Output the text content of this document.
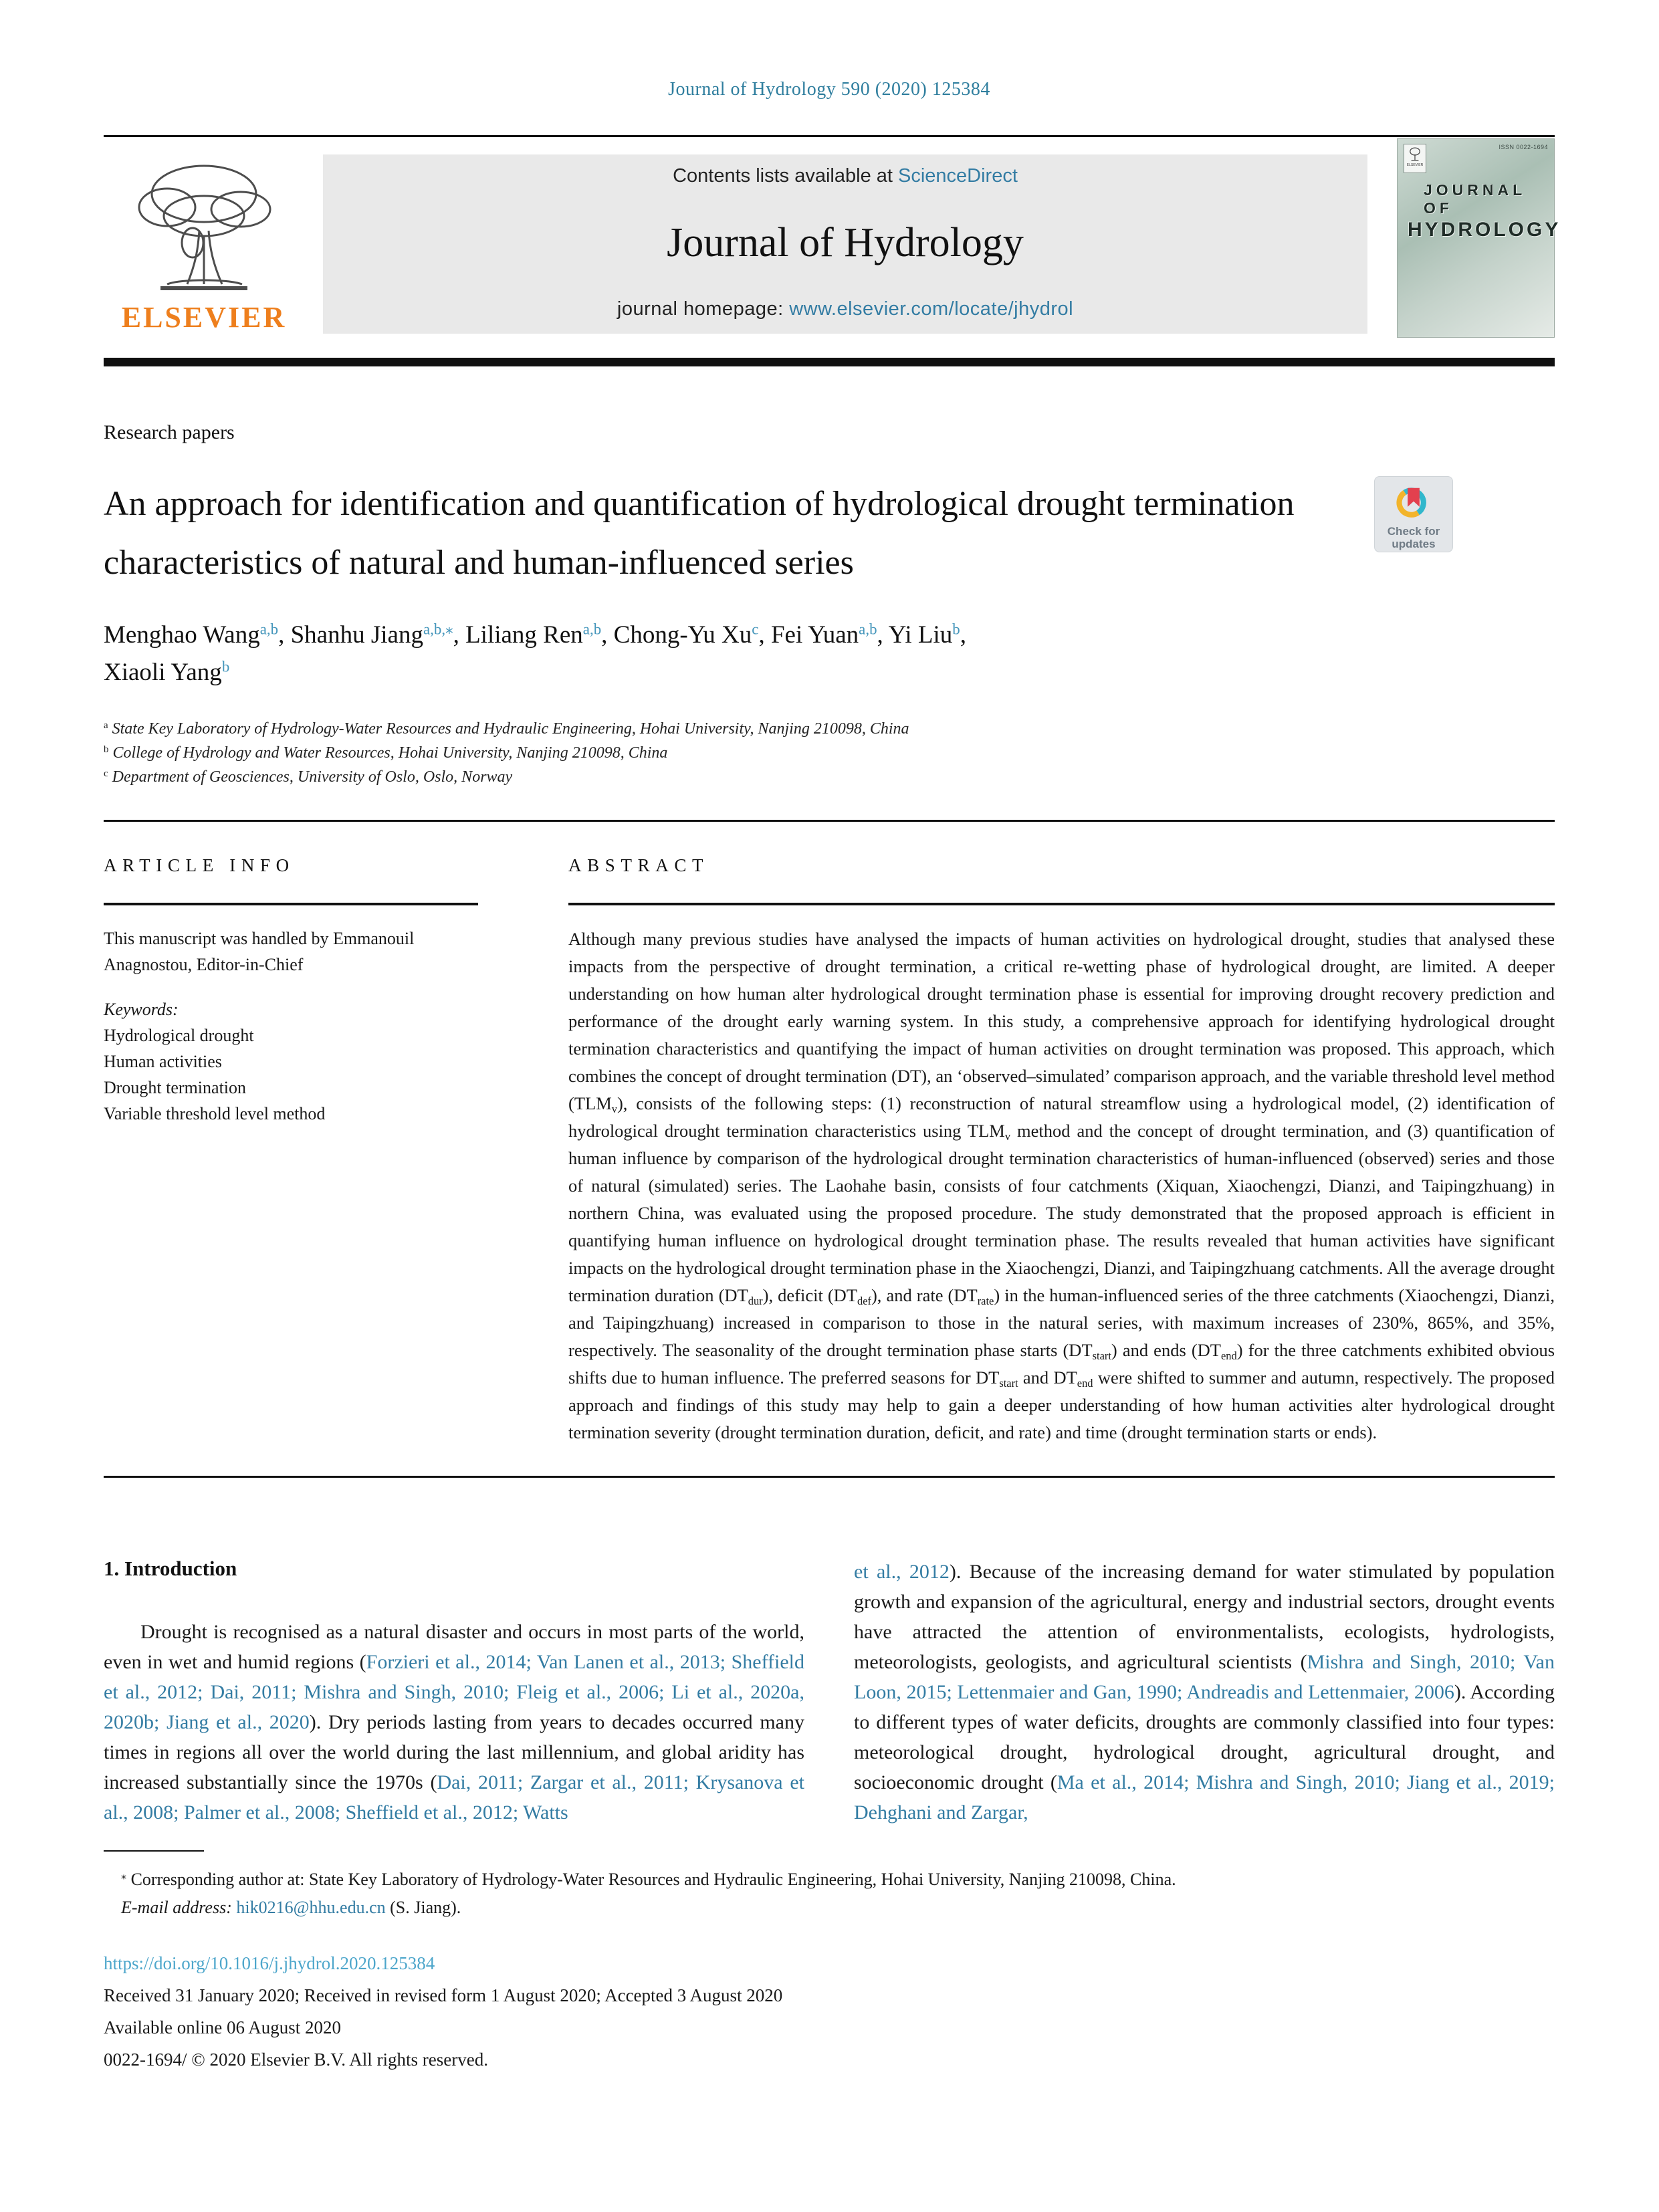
Journal of Hydrology 590 (2020) 125384
ELSEVIER
Contents lists available at ScienceDirect
Journal of Hydrology
journal homepage: www.elsevier.com/locate/jhydrol
ELSEVIER
ISSN 0022-1694
JOURNAL OF
HYDROLOGY
Research papers
An approach for identification and quantification of hydrological drought termination characteristics of natural and human-influenced series
Check for updates
Menghao Wang$^{a,b}$, Shanhu Jiang$^{a,b,⁎}$, Liliang Ren$^{a,b}$, Chong-Yu Xu$^c$, Fei Yuan$^{a,b}$, Yi Liu$^b$,
Xiaoli Yang$^b$
$^a$ State Key Laboratory of Hydrology-Water Resources and Hydraulic Engineering, Hohai University, Nanjing 210098, China
$^b$ College of Hydrology and Water Resources, Hohai University, Nanjing 210098, China
$^c$ Department of Geosciences, University of Oslo, Oslo, Norway
ARTICLE INFO
This manuscript was handled by Emmanouil Anagnostou, Editor-in-Chief
Keywords:
Hydrological drought
Human activities
Drought termination
Variable threshold level method
ABSTRACT
Although many previous studies have analysed the impacts of human activities on hydrological drought, studies that analysed these impacts from the perspective of drought termination, a critical re-wetting phase of hydrological drought, are limited. A deeper understanding on how human alter hydrological drought termination phase is essential for improving drought recovery prediction and performance of the drought early warning system. In this study, a comprehensive approach for identifying hydrological drought termination characteristics and quantifying the impact of human activities on drought termination was proposed. This approach, which combines the concept of drought termination (DT), an ‘observed–simulated’ comparison approach, and the variable threshold level method $(TLM_v)$, consists of the following steps: (1) reconstruction of natural streamflow using a hydrological model, (2) identification of hydrological drought termination characteristics using $TLM_v$ method and the concept of drought termination, and (3) quantification of human influence by comparison of the hydrological drought termination characteristics of human-influenced (observed) series and those of natural (simulated) series. The Laohahe basin, consists of four catchments (Xiquan, Xiaochengzi, Dianzi, and Taipingzhuang) in northern China, was evaluated using the proposed procedure. The study demonstrated that the proposed approach is efficient in quantifying human influence on hydrological drought termination phase. The results revealed that human activities have significant impacts on the hydrological drought termination phase in the Xiaochengzi, Dianzi, and Taipingzhuang catchments. All the average drought termination duration $(DT_{dur})$, deficit $(DT_{def})$, and rate $(DT_{rate})$ in the human-influenced series of the three catchments (Xiaochengzi, Dianzi, and Taipingzhuang) increased in comparison to those in the natural series, with maximum increases of 230%, 865%, and 35%, respectively. The seasonality of the drought termination phase starts $(DT_{start})$ and ends $(DT_{end})$ for the three catchments exhibited obvious shifts due to human influence. The preferred seasons for $DT_{start}$ and $DT_{end}$ were shifted to summer and autumn, respectively. The proposed approach and findings of this study may help to gain a deeper understanding of how human activities alter hydrological drought termination severity (drought termination duration, deficit, and rate) and time (drought termination starts or ends).
1. Introduction
Drought is recognised as a natural disaster and occurs in most parts of the world, even in wet and humid regions (Forzieri et al., 2014; Van Lanen et al., 2013; Sheffield et al., 2012; Dai, 2011; Mishra and Singh, 2010; Fleig et al., 2006; Li et al., 2020a, 2020b; Jiang et al., 2020). Dry periods lasting from years to decades occurred many times in regions all over the world during the last millennium, and global aridity has increased substantially since the 1970s (Dai, 2011; Zargar et al., 2011; Krysanova et al., 2008; Palmer et al., 2008; Sheffield et al., 2012; Watts
et al., 2012). Because of the increasing demand for water stimulated by population growth and expansion of the agricultural, energy and industrial sectors, drought events have attracted the attention of environmentalists, ecologists, hydrologists, meteorologists, geologists, and agricultural scientists (Mishra and Singh, 2010; Van Loon, 2015; Lettenmaier and Gan, 1990; Andreadis and Lettenmaier, 2006). According to different types of water deficits, droughts are commonly classified into four types: meteorological drought, hydrological drought, agricultural drought, and socioeconomic drought (Ma et al., 2014; Mishra and Singh, 2010; Jiang et al., 2019; Dehghani and Zargar,
⁎ Corresponding author at: State Key Laboratory of Hydrology-Water Resources and Hydraulic Engineering, Hohai University, Nanjing 210098, China.
E-mail address: hik0216@hhu.edu.cn (S. Jiang).
https://doi.org/10.1016/j.jhydrol.2020.125384
Received 31 January 2020; Received in revised form 1 August 2020; Accepted 3 August 2020
Available online 06 August 2020
0022-1694/ © 2020 Elsevier B.V. All rights reserved.
